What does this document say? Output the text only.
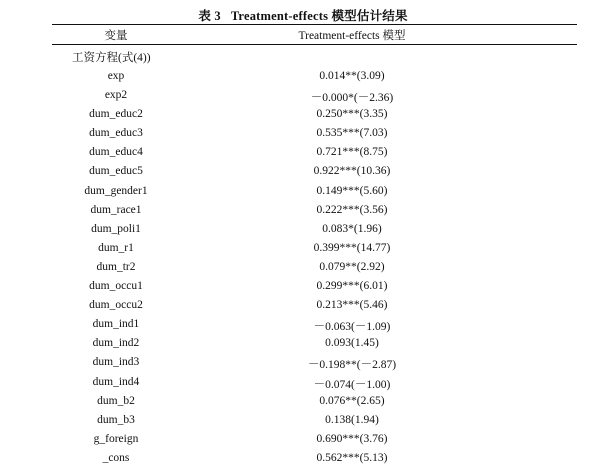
表 3 Treatment-effects 模型估计结果
变量	Treatment-effects 模型
工资方程(式(4))
exp	0.014**(3.09)
exp2	－0.000*(－2.36)
dum_educ2	0.250***(3.35)
dum_educ3	0.535***(7.03)
dum_educ4	0.721***(8.75)
dum_educ5	0.922***(10.36)
dum_gender1	0.149***(5.60)
dum_race1	0.222***(3.56)
dum_poli1	0.083*(1.96)
dum_r1	0.399***(14.77)
dum_tr2	0.079**(2.92)
dum_occu1	0.299***(6.01)
dum_occu2	0.213***(5.46)
dum_ind1	－0.063(－1.09)
dum_ind2	0.093(1.45)
dum_ind3	－0.198**(－2.87)
dum_ind4	－0.074(－1.00)
dum_b2	0.076**(2.65)
dum_b3	0.138(1.94)
g_foreign	0.690***(3.76)
_cons	0.562***(5.13)
